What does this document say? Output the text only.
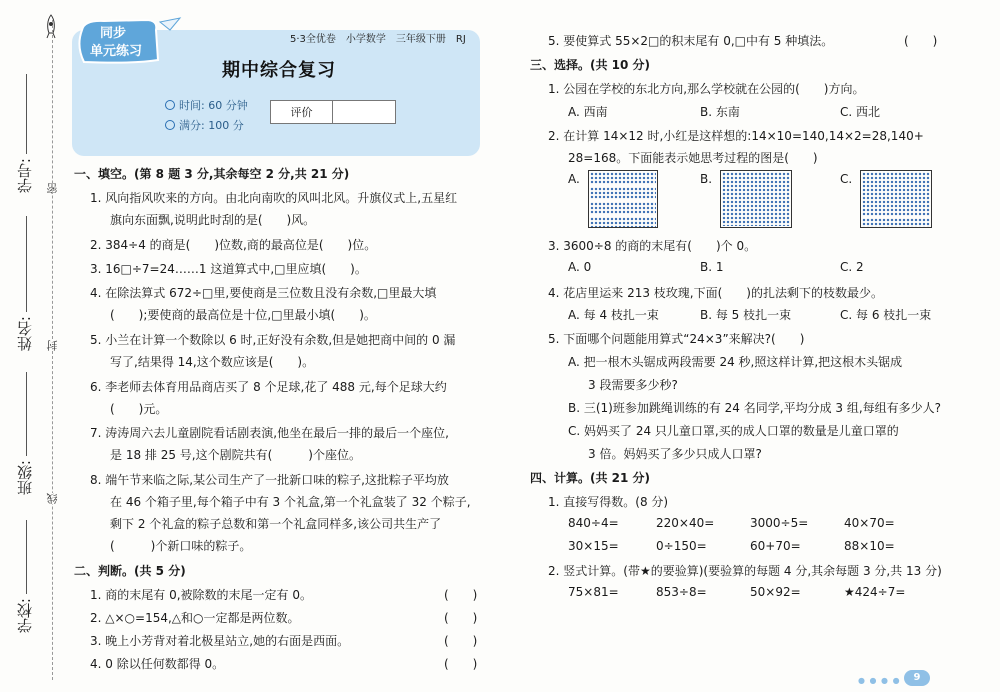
密
封
线
学号:
姓名:
班级:
学校:
同步
单元练习
5·3全优卷　小学数学　三年级下册　RJ
期中综合复习
时间: 60 分钟
满分: 100 分
评价
一、填空。(第 8 题 3 分,其余每空 2 分,共 21 分)
1. 风向指风吹来的方向。由北向南吹的风叫北风。升旗仪式上,五星红
旗向东面飘,说明此时刮的是(　　)风。
2. 384÷4 的商是(　　)位数,商的最高位是(　　)位。
3. 16□÷7=24……1 这道算式中,□里应填(　　)。
4. 在除法算式 672÷□里,要使商是三位数且没有余数,□里最大填
(　　);要使商的最高位是十位,□里最小填(　　)。
5. 小兰在计算一个数除以 6 时,正好没有余数,但是她把商中间的 0 漏
写了,结果得 14,这个数应该是(　　)。
6. 李老师去体育用品商店买了 8 个足球,花了 488 元,每个足球大约
(　　)元。
7. 涛涛周六去儿童剧院看话剧表演,他坐在最后一排的最后一个座位,
是 18 排 25 号,这个剧院共有(　　　)个座位。
8. 端午节来临之际,某公司生产了一批新口味的粽子,这批粽子平均放
在 46 个箱子里,每个箱子中有 3 个礼盒,第一个礼盒装了 32 个粽子,
剩下 2 个礼盒的粽子总数和第一个礼盒同样多,该公司共生产了
(　　　)个新口味的粽子。
二、判断。(共 5 分)
1. 商的末尾有 0,被除数的末尾一定有 0。	(　　)
2. △×○=154,△和○一定都是两位数。	(　　)
3. 晚上小芳背对着北极星站立,她的右面是西面。	(　　)
4. 0 除以任何数都得 0。	(　　)
5. 要使算式 55×2□的积末尾有 0,□中有 5 种填法。	(　　)
三、选择。(共 10 分)
1. 公园在学校的东北方向,那么学校就在公园的(　　)方向。
A. 西南	B. 东南	C. 西北
2. 在计算 14×12 时,小红是这样想的:14×10=140,14×2=28,140+
28=168。下面能表示她思考过程的图是(　　)
A.	B.	C.
3. 3600÷8 的商的末尾有(　　)个 0。
A. 0	B. 1	C. 2
4. 花店里运来 213 枝玫瑰,下面(　　)的扎法剩下的枝数最少。
A. 每 4 枝扎一束	B. 每 5 枝扎一束	C. 每 6 枝扎一束
5. 下面哪个问题能用算式“24×3”来解决?(　　)
A. 把一根木头锯成两段需要 24 秒,照这样计算,把这根木头锯成
3 段需要多少秒?
B. 三(1)班参加跳绳训练的有 24 名同学,平均分成 3 组,每组有多少人?
C. 妈妈买了 24 只儿童口罩,买的成人口罩的数量是儿童口罩的
3 倍。妈妈买了多少只成人口罩?
四、计算。(共 21 分)
1. 直接写得数。(8 分)
840÷4=	220×40=	3000÷5=	40×70=
30×15=	0÷150=	60+70=	88×10=
2. 竖式计算。(带★的要验算)(要验算的每题 4 分,其余每题 3 分,共 13 分)
75×81=	853÷8=	50×92=	★424÷7=
● ● ● ●	9
